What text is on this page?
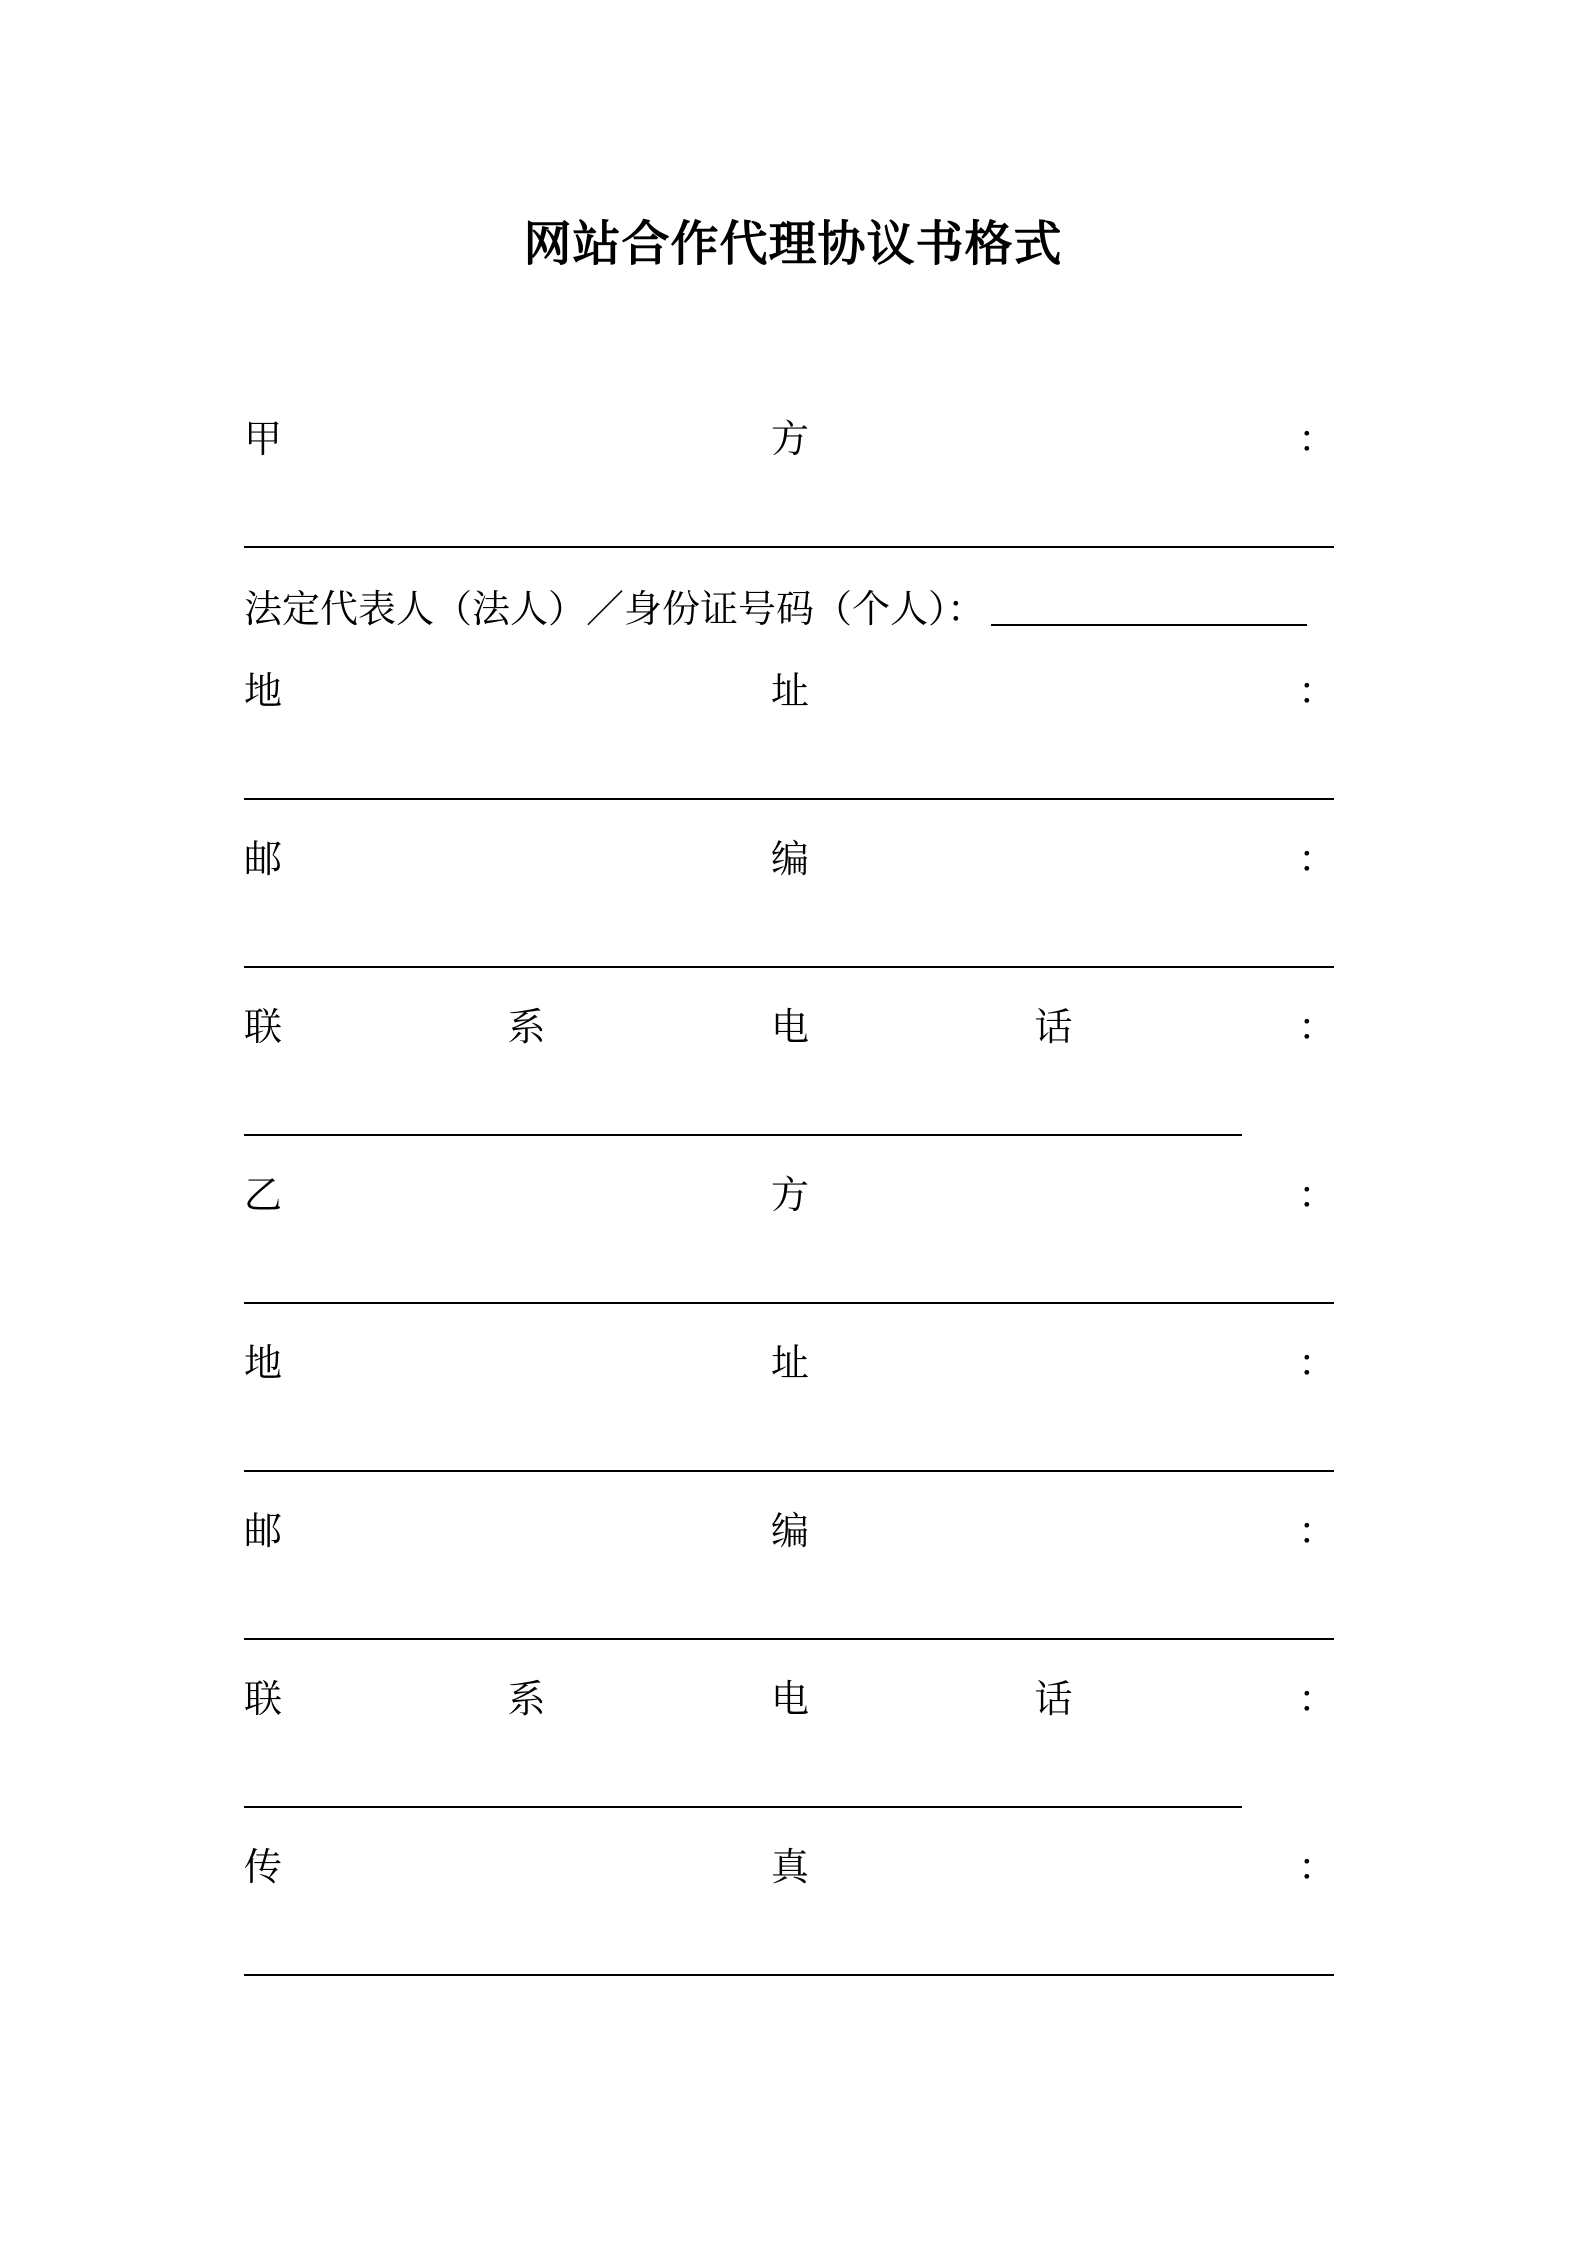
网站合作代理协议书格式
甲	方	：
法定代表人（法人）／身份证号码（个人）：
地	址	：
邮	编	：
联	系	电	话	：
乙	方	：
地	址	：
邮	编	：
联	系	电	话	：
传	真	：
